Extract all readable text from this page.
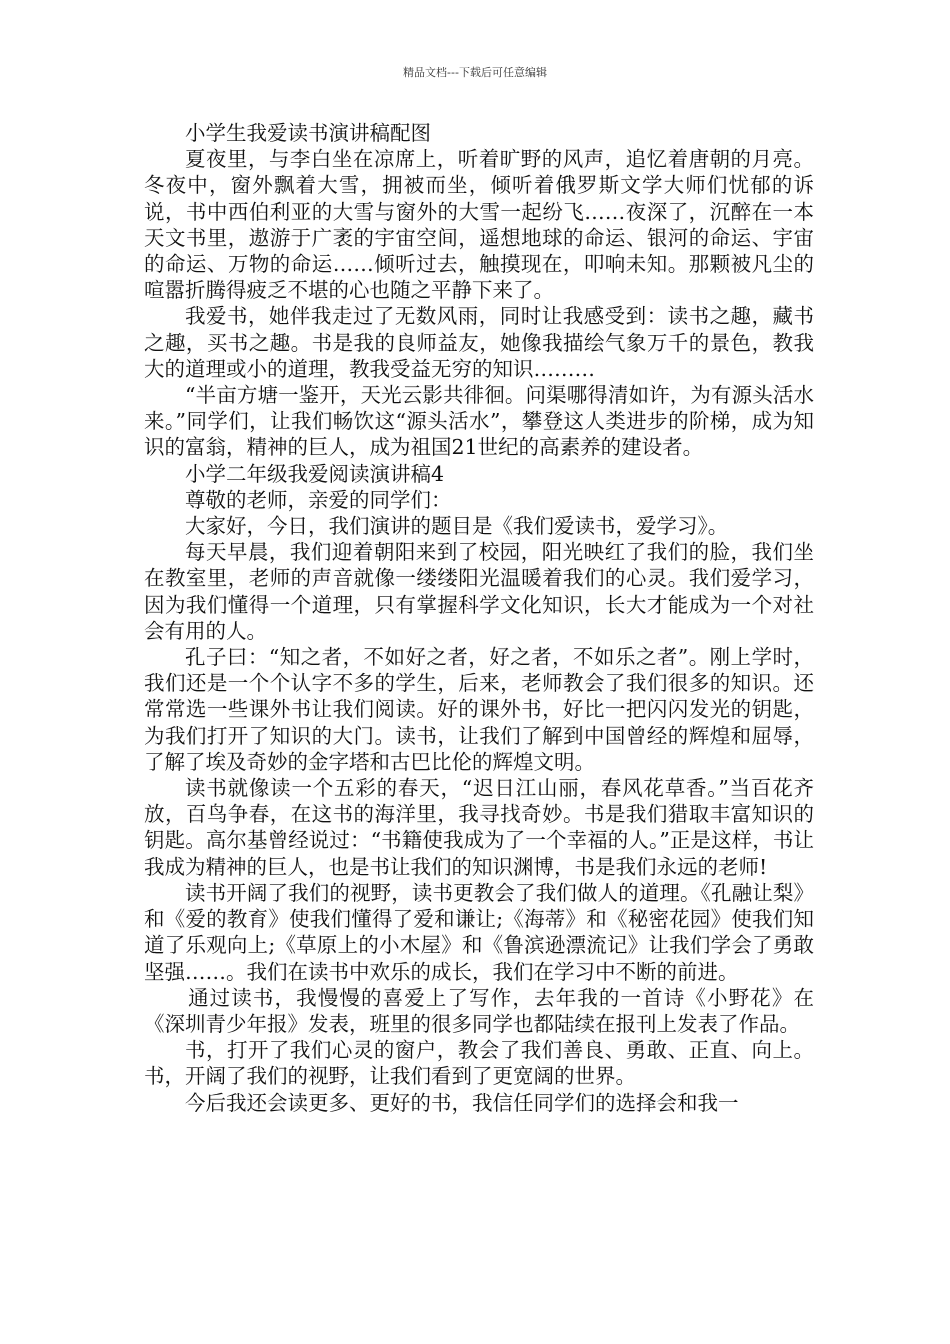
精品文档---下载后可任意编辑

小学生我爱读书演讲稿配图

夏夜里，与李白坐在凉席上，听着旷野的风声，追忆着唐朝的月亮。冬夜中，窗外飘着大雪，拥被而坐，倾听着俄罗斯文学大师们忧郁的诉说，书中西伯利亚的大雪与窗外的大雪一起纷飞……夜深了，沉醉在一本天文书里，遨游于广袤的宇宙空间，遥想地球的命运、银河的命运、宇宙的命运、万物的命运……倾听过去，触摸现在，叩响未知。那颗被凡尘的喧嚣折腾得疲乏不堪的心也随之平静下来了。

我爱书，她伴我走过了无数风雨，同时让我感受到：读书之趣，藏书之趣，买书之趣。书是我的良师益友，她像我描绘气象万千的景色，教我大的道理或小的道理，教我受益无穷的知识………

“半亩方塘一鉴开，天光云影共徘徊。问渠哪得清如许，为有源头活水来。”同学们，让我们畅饮这“源头活水”，攀登这人类进步的阶梯，成为知识的富翁，精神的巨人，成为祖国21世纪的高素养的建设者。

小学二年级我爱阅读演讲稿4

尊敬的老师，亲爱的同学们：

大家好，今日，我们演讲的题目是《我们爱读书，爱学习》。

每天早晨，我们迎着朝阳来到了校园，阳光映红了我们的脸，我们坐在教室里，老师的声音就像一缕缕阳光温暖着我们的心灵。我们爱学习，因为我们懂得一个道理，只有掌握科学文化知识，长大才能成为一个对社会有用的人。

孔子曰：“知之者，不如好之者，好之者，不如乐之者”。刚上学时，我们还是一个个认字不多的学生，后来，老师教会了我们很多的知识。还常常选一些课外书让我们阅读。好的课外书，好比一把闪闪发光的钥匙，为我们打开了知识的大门。读书，让我们了解到中国曾经的辉煌和屈辱，了解了埃及奇妙的金字塔和古巴比伦的辉煌文明。

读书就像读一个五彩的春天，“迟日江山丽，春风花草香。”当百花齐放，百鸟争春，在这书的海洋里，我寻找奇妙。书是我们猎取丰富知识的钥匙。高尔基曾经说过：“书籍使我成为了一个幸福的人。”正是这样，书让我成为精神的巨人，也是书让我们的知识渊博，书是我们永远的老师!

读书开阔了我们的视野，读书更教会了我们做人的道理。《孔融让梨》和《爱的教育》使我们懂得了爱和谦让;《海蒂》和《秘密花园》使我们知道了乐观向上;《草原上的小木屋》和《鲁滨逊漂流记》让我们学会了勇敢坚强……。我们在读书中欢乐的成长，我们在学习中不断的前进。

通过读书，我慢慢的喜爱上了写作，去年我的一首诗《小野花》在《深圳青少年报》发表，班里的很多同学也都陆续在报刊上发表了作品。

书，打开了我们心灵的窗户，教会了我们善良、勇敢、正直、向上。书，开阔了我们的视野，让我们看到了更宽阔的世界。

今后我还会读更多、更好的书，我信任同学们的选择会和我一
